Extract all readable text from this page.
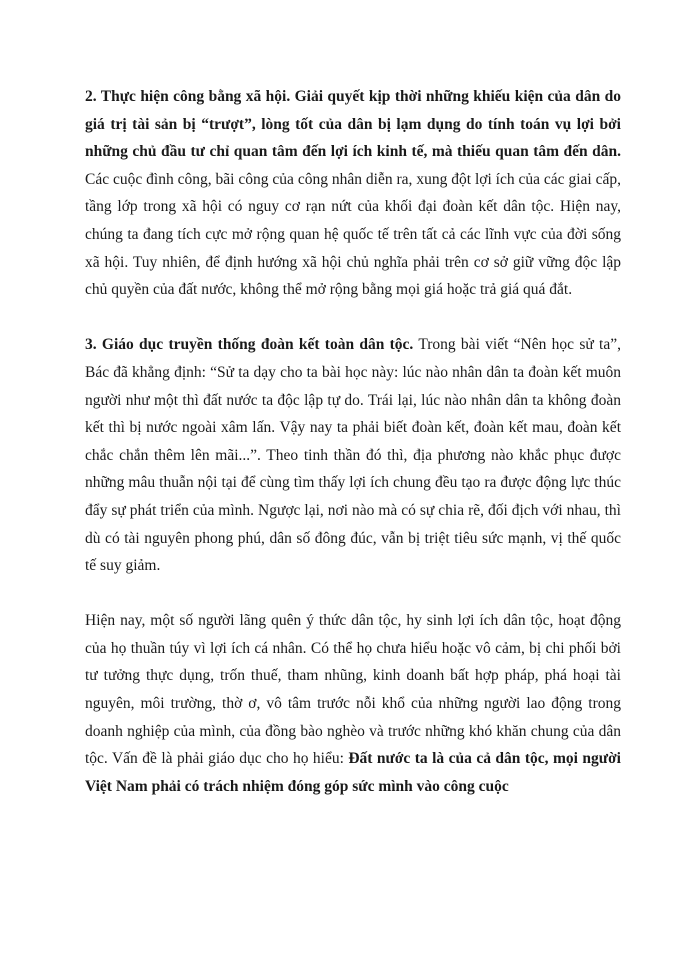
2. Thực hiện công bằng xã hội. Giải quyết kịp thời những khiếu kiện của dân do giá trị tài sản bị “trượt”, lòng tốt của dân bị lạm dụng do tính toán vụ lợi bởi những chủ đầu tư chỉ quan tâm đến lợi ích kinh tế, mà thiếu quan tâm đến dân. Các cuộc đình công, bãi công của công nhân diễn ra, xung đột lợi ích của các giai cấp, tầng lớp trong xã hội có nguy cơ rạn nứt của khối đại đoàn kết dân tộc. Hiện nay, chúng ta đang tích cực mở rộng quan hệ quốc tế trên tất cả các lĩnh vực của đời sống xã hội. Tuy nhiên, để định hướng xã hội chủ nghĩa phải trên cơ sở giữ vững độc lập chủ quyền của đất nước, không thể mở rộng bằng mọi giá hoặc trả giá quá đắt.

3. Giáo dục truyền thống đoàn kết toàn dân tộc. Trong bài viết “Nên học sử ta”, Bác đã khẳng định: “Sử ta dạy cho ta bài học này: lúc nào nhân dân ta đoàn kết muôn người như một thì đất nước ta độc lập tự do. Trái lại, lúc nào nhân dân ta không đoàn kết thì bị nước ngoài xâm lấn. Vậy nay ta phải biết đoàn kết, đoàn kết mau, đoàn kết chắc chắn thêm lên mãi...”. Theo tinh thần đó thì, địa phương nào khắc phục được những mâu thuẫn nội tại để cùng tìm thấy lợi ích chung đều tạo ra được động lực thúc đẩy sự phát triển của mình. Ngược lại, nơi nào mà có sự chia rẽ, đối địch với nhau, thì dù có tài nguyên phong phú, dân số đông đúc, vẫn bị triệt tiêu sức mạnh, vị thế quốc tế suy giảm.

Hiện nay, một số người lãng quên ý thức dân tộc, hy sinh lợi ích dân tộc, hoạt động của họ thuần túy vì lợi ích cá nhân. Có thể họ chưa hiểu hoặc vô cảm, bị chi phối bởi tư tưởng thực dụng, trốn thuế, tham nhũng, kinh doanh bất hợp pháp, phá hoại tài nguyên, môi trường, thờ ơ, vô tâm trước nỗi khổ của những người lao động trong doanh nghiệp của mình, của đồng bào nghèo và trước những khó khăn chung của dân tộc. Vấn đề là phải giáo dục cho họ hiểu: Đất nước ta là của cả dân tộc, mọi người Việt Nam phải có trách nhiệm đóng góp sức mình vào công cuộc
